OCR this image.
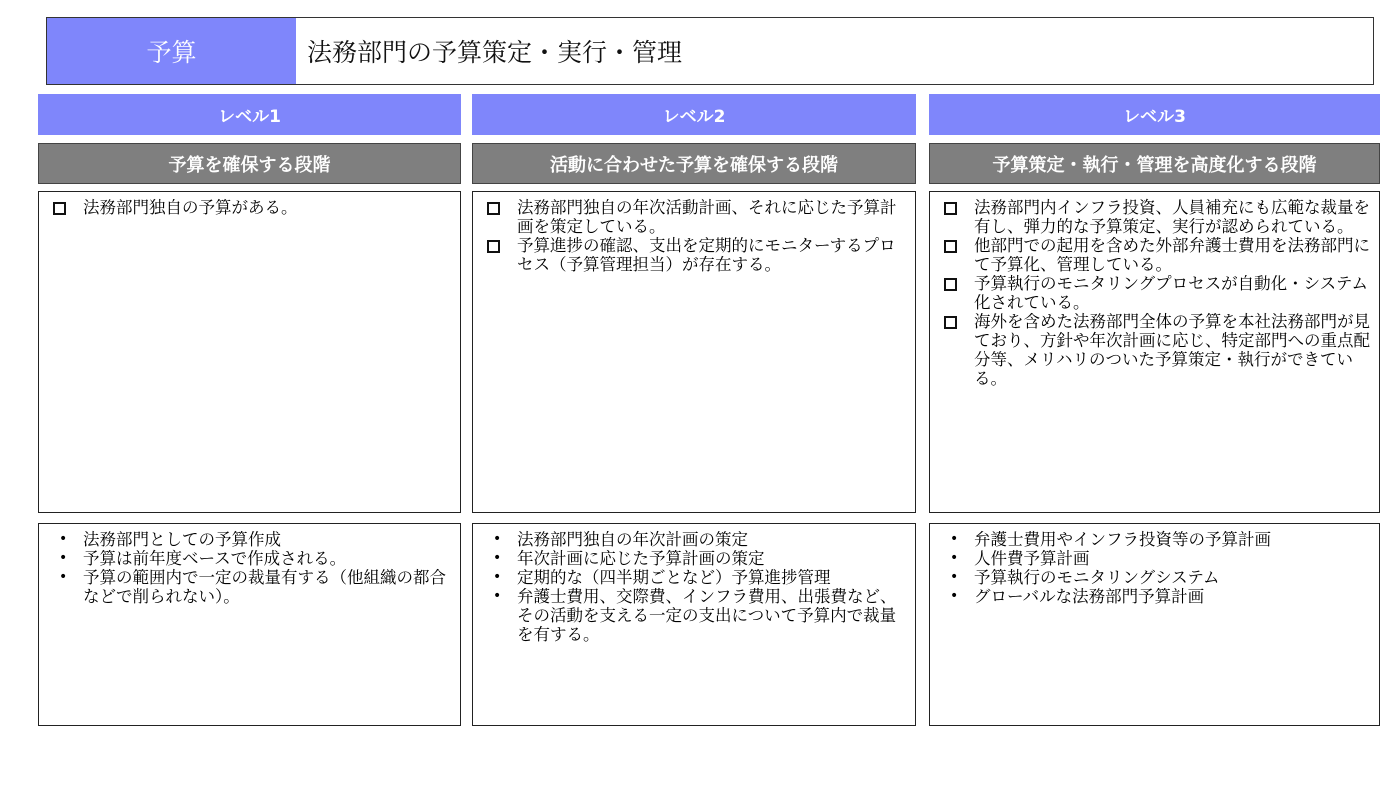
予算	法務部門の予算策定・実行・管理
レベル1
予算を確保する段階
法務部門独自の予算がある。
• 法務部門としての予算作成
• 予算は前年度ベースで作成される。
• 予算の範囲内で一定の裁量有する（他組織の都合などで削られない）。
レベル2
活動に合わせた予算を確保する段階
法務部門独自の年次活動計画、それに応じた予算計画を策定している。
予算進捗の確認、支出を定期的にモニターするプロセス（予算管理担当）が存在する。
• 法務部門独自の年次計画の策定
• 年次計画に応じた予算計画の策定
• 定期的な（四半期ごとなど）予算進捗管理
• 弁護士費用、交際費、インフラ費用、出張費など、その活動を支える一定の支出について予算内で裁量を有する。
レベル3
予算策定・執行・管理を高度化する段階
法務部門内インフラ投資、人員補充にも広範な裁量を有し、弾力的な予算策定、実行が認められている。
他部門での起用を含めた外部弁護士費用を法務部門にて予算化、管理している。
予算執行のモニタリングプロセスが自動化・システム化されている。
海外を含めた法務部門全体の予算を本社法務部門が見ており、方針や年次計画に応じ、特定部門への重点配分等、メリハリのついた予算策定・執行ができている。
• 弁護士費用やインフラ投資等の予算計画
• 人件費予算計画
• 予算執行のモニタリングシステム
• グローバルな法務部門予算計画
